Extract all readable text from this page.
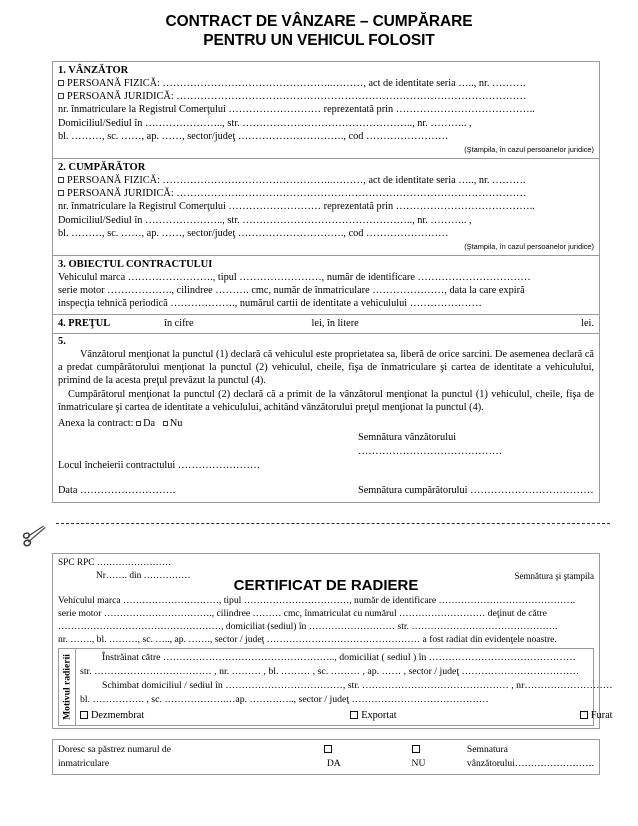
CONTRACT DE VÂNZARE – CUMPĂRARE
PENTRU UN VEHICUL FOLOSIT
1. VÂNZĂTOR
PERSOANĂ FIZICĂ: …………………………………………..………, act de identitate seria ….., nr. ……….
PERSOANĂ JURIDICĂ: …………………………………………………………………………………………
nr. înmatriculare la Registrul Comerţului ……………………… reprezentată prin …………………………………..
Domiciliul/Sediul în ………………….., str. ………………………………………….., nr. ……….. ,
bl. ………, sc. ……, ap. ……, sector/judeţ …………………………., cod ……………………
(Ştampila, în cazul persoanelor juridice)
2. CUMPĂRĂTOR
PERSOANĂ FIZICĂ: …………………………………………..………, act de identitate seria ….., nr. ……….
PERSOANĂ JURIDICĂ: …………………………………………………………………………………………
nr. înmatriculare la Registrul Comerţului ……………………… reprezentată prin …………………………………..
Domiciliul/Sediul în ………………….., str. ………………………………………….., nr. ……….. ,
bl. ………, sc. ……, ap. ……, sector/judeţ …………………………., cod ……………………
(Ştampila, în cazul persoanelor juridice)
3. OBIECTUL CONTRACTULUI
Vehiculul marca ……………………., tipul ……………………, număr de identificare ……………………………
serie motor ………………., cilindree ………. cmc, număr de înmatriculare …………………, data la care expiră
inspecţia tehnică periodică ………………., numărul cartii de identitate a vehiculului …………………
4. PREŢUL	în cifre	lei, în litere	lei.
5.
Vânzătorul menţionat la punctul (1) declară că vehiculul este proprietatea sa, liberă de orice sarcini. De asemenea declară că a predat cumpărătorului menţionat la punctul (2) vehiculul, cheile, fişa de înmatriculare şi cartea de identitate a vehiculului, primind de la acesta preţul prevăzut la punctul (4).
Cumpărătorul menţionat la punctul (2) declară că a primit de la vânzătorul menţionat la punctul (1) vehiculul, cheile, fişa de înmatriculare şi cartea de identitate a vehiculului, achitând vânzătorului preţul menţionat la punctul (4).
Anexa la contract: Da Nu
Semnătura vânzătorului ……………………………………
Locul încheierii contractului ……………………
Data ……………………….	Semnătura cumpărătorului ………………………………
SPC RPC ……………………
Nr……. din ……………	Semnătura şi ştampila
CERTIFICAT DE RADIERE
Vehiculul marca …………………………, tipul ……………………………, număr de identificare …………………………………….
serie motor ……………………………., cilindree ……… cmc, înmatriculat cu numărul ……………………… deţinut de către
……………………………………………, domiciliat (sediul) în ……………………… str. ……………………………………….
nr. ……., bl. ………, sc. ….., ap. ……., sector / judeţ ………………………………………… a fost radiat din evidenţele noastre.
Motivul radierii	Înstrăinat către …………………………………………….., domiciliat ( sediul ) în ………………………………………
str. ……………………………… , nr. ……… , bl. ……… , sc. ……… , ap. …… , sector / judeţ ………………………………
Schimbat domiciliul / sediul în ………………………………, str. ……………………………………… , nr………………………
bl. ……………. , sc. ……………….…ap. ………….., sector / judeţ ……………………………………
Dezmembrat	Exportat	Furat
Doresc sa păstrez numarul de inmatriculare	DA	NU
Semnatura vânzătorului…………………….
